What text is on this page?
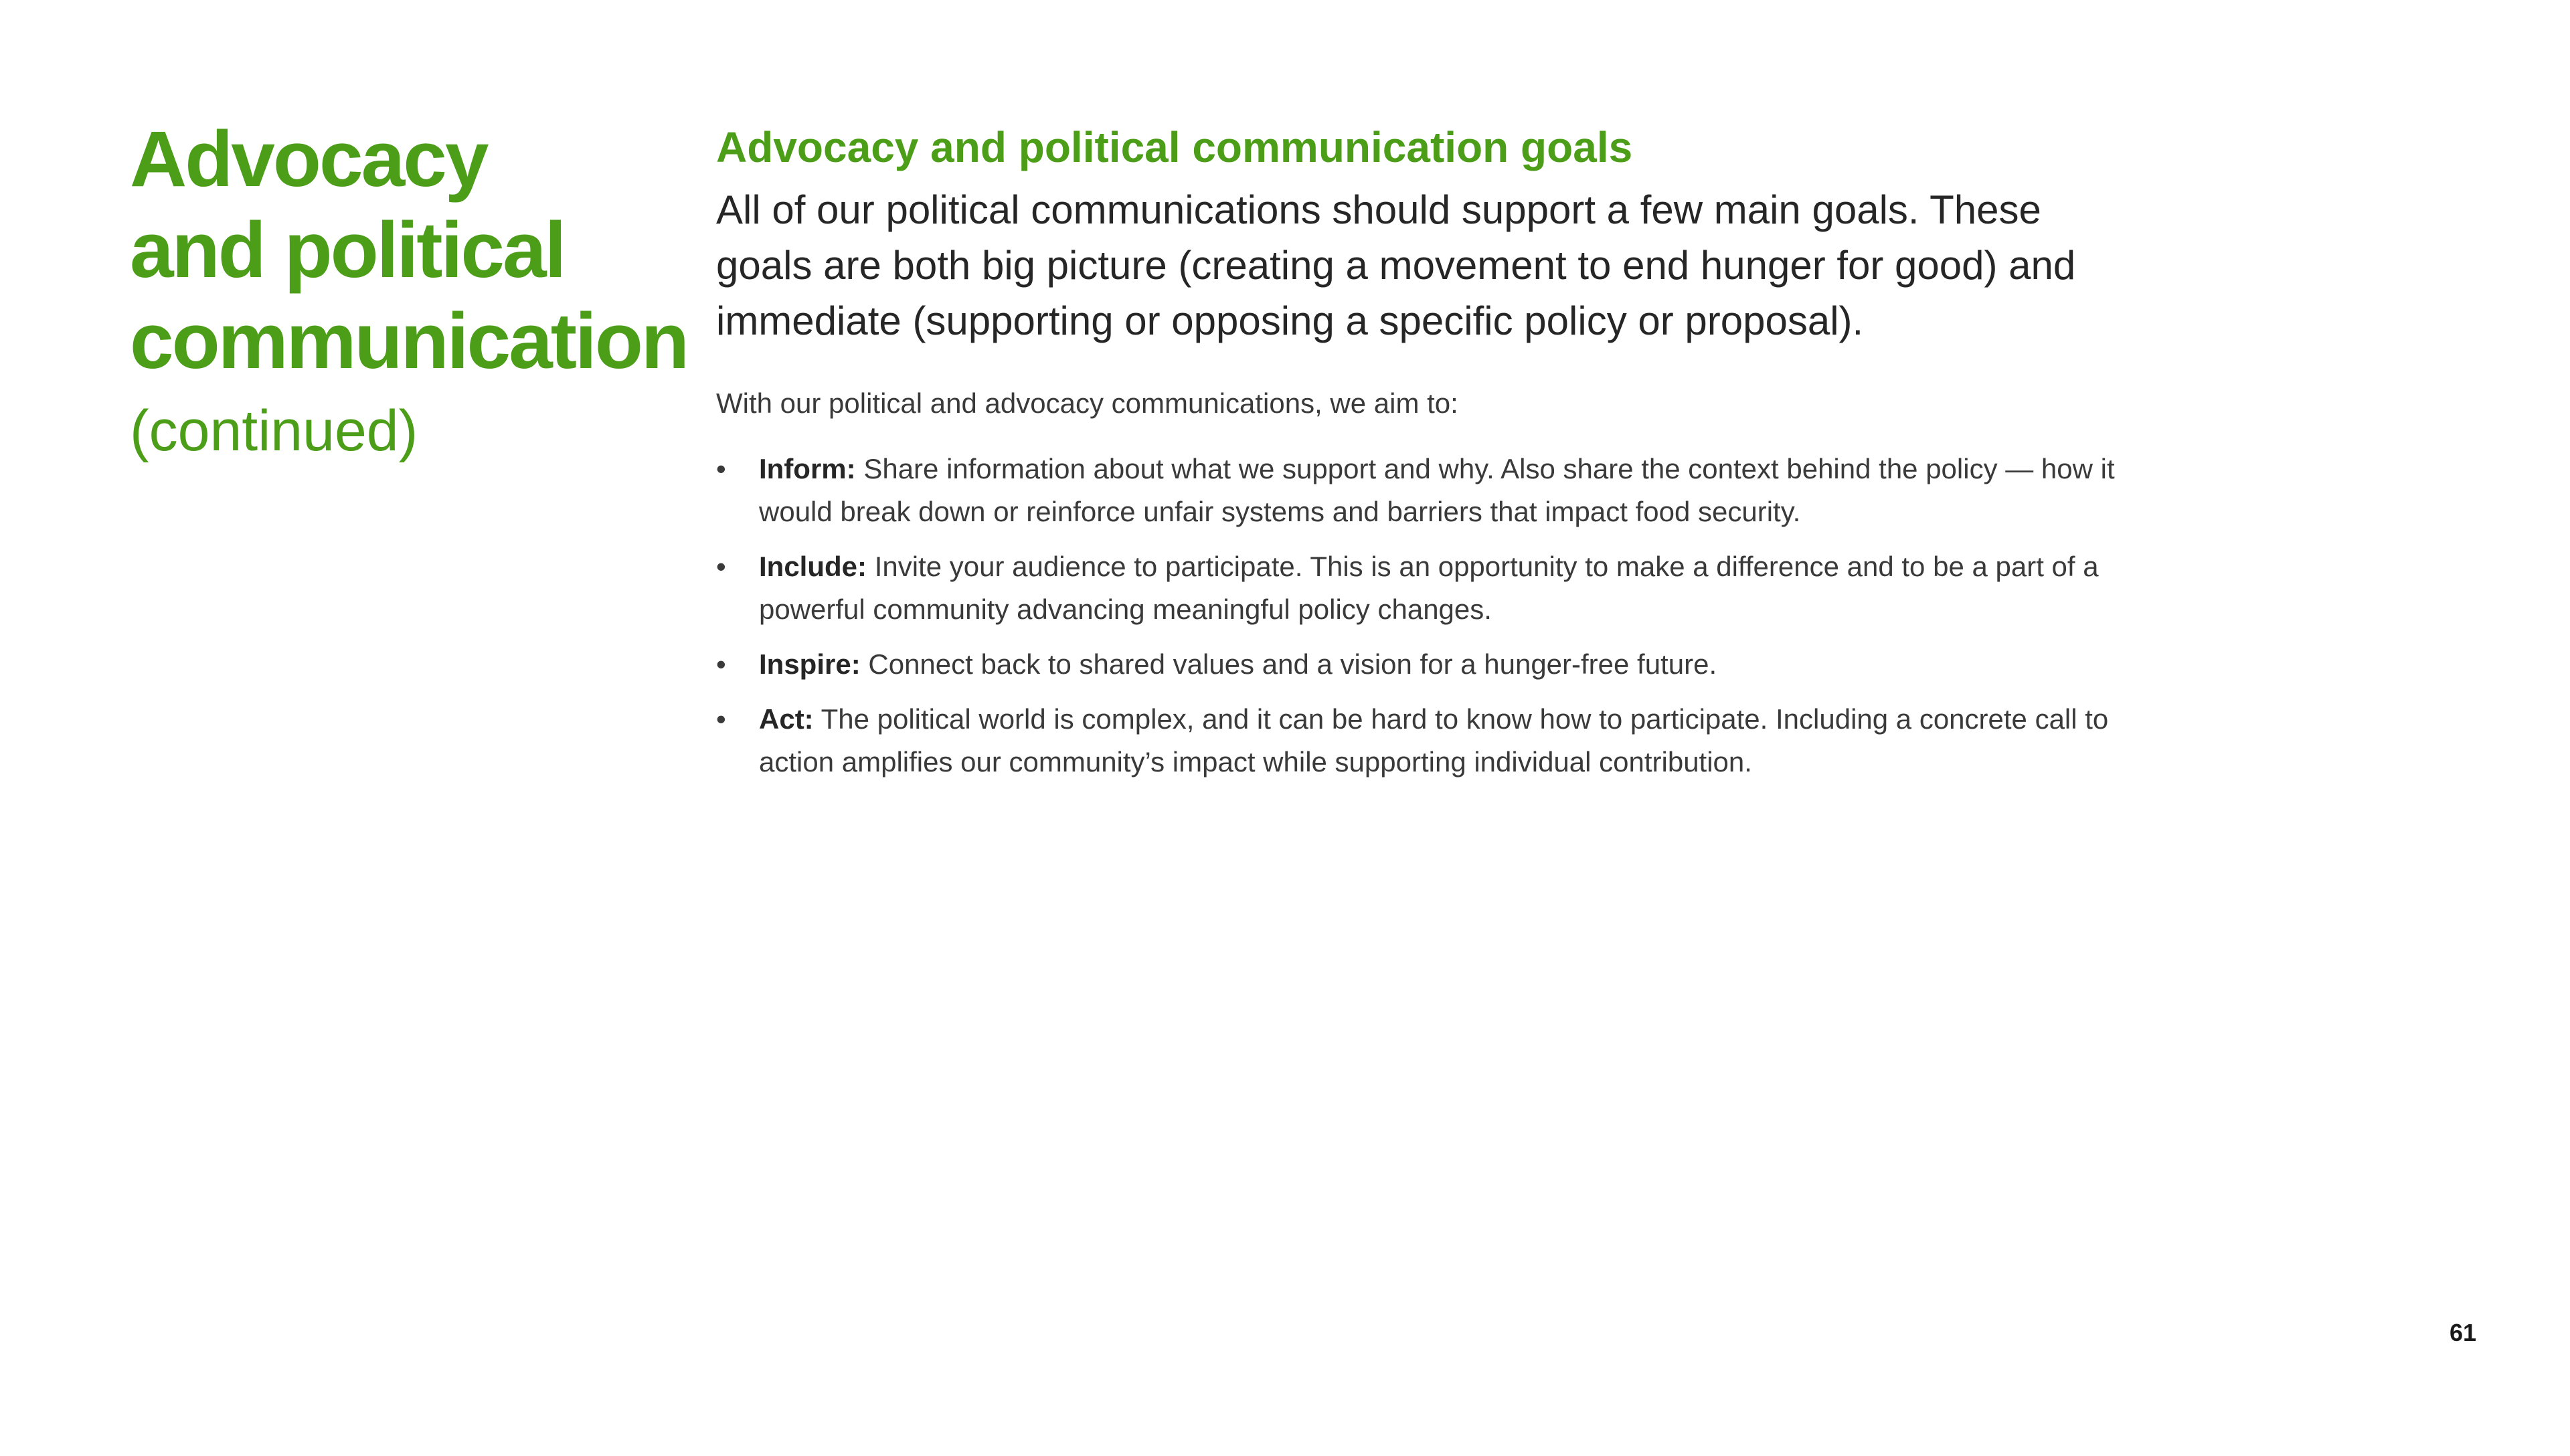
Advocacy
and political
communication
(continued)
Advocacy and political communication goals

All of our political communications should support a few main goals. These goals are both big picture (creating a movement to end hunger for good) and immediate (supporting or opposing a specific policy or proposal).

With our political and advocacy communications, we aim to:

• Inform: Share information about what we support and why. Also share the context behind the policy — how it would break down or reinforce unfair systems and barriers that impact food security.
• Include: Invite your audience to participate. This is an opportunity to make a difference and to be a part of a powerful community advancing meaningful policy changes.
• Inspire: Connect back to shared values and a vision for a hunger-free future.
• Act: The political world is complex, and it can be hard to know how to participate. Including a concrete call to action amplifies our community’s impact while supporting individual contribution.
61
